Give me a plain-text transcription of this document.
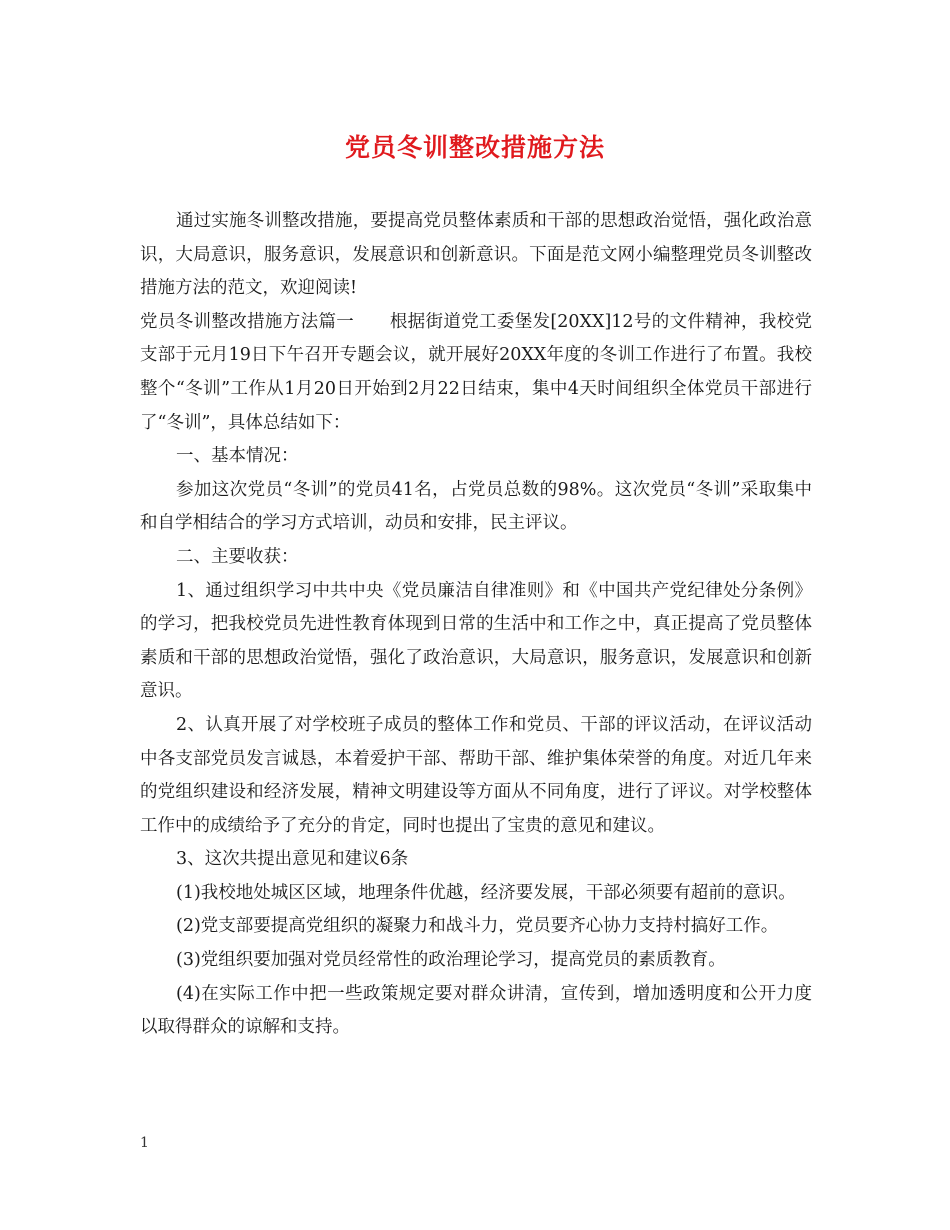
党员冬训整改措施方法

通过实施冬训整改措施，要提高党员整体素质和干部的思想政治觉悟，强化政治意识，大局意识，服务意识，发展意识和创新意识。下面是范文网小编整理党员冬训整改措施方法的范文，欢迎阅读!

党员冬训整改措施方法篇一　　根据街道党工委堡发[20XX]12号的文件精神，我校党支部于元月19日下午召开专题会议，就开展好20XX年度的冬训工作进行了布置。我校整个“冬训”工作从1月20日开始到2月22日结束，集中4天时间组织全体党员干部进行了“冬训”，具体总结如下：

一、基本情况：

参加这次党员“冬训”的党员41名，占党员总数的98%。这次党员“冬训”采取集中和自学相结合的学习方式培训，动员和安排，民主评议。

二、主要收获：

1、通过组织学习中共中央《党员廉洁自律准则》和《中国共产党纪律处分条例》的学习，把我校党员先进性教育体现到日常的生活中和工作之中，真正提高了党员整体素质和干部的思想政治觉悟，强化了政治意识，大局意识，服务意识，发展意识和创新意识。

2、认真开展了对学校班子成员的整体工作和党员、干部的评议活动，在评议活动中各支部党员发言诚恳，本着爱护干部、帮助干部、维护集体荣誉的角度。对近几年来的党组织建设和经济发展，精神文明建设等方面从不同角度，进行了评议。对学校整体工作中的成绩给予了充分的肯定，同时也提出了宝贵的意见和建议。

3、这次共提出意见和建议6条

(1)我校地处城区区域，地理条件优越，经济要发展，干部必须要有超前的意识。

(2)党支部要提高党组织的凝聚力和战斗力，党员要齐心协力支持村搞好工作。

(3)党组织要加强对党员经常性的政治理论学习，提高党员的素质教育。

(4)在实际工作中把一些政策规定要对群众讲清，宣传到，增加透明度和公开力度以取得群众的谅解和支持。

1
